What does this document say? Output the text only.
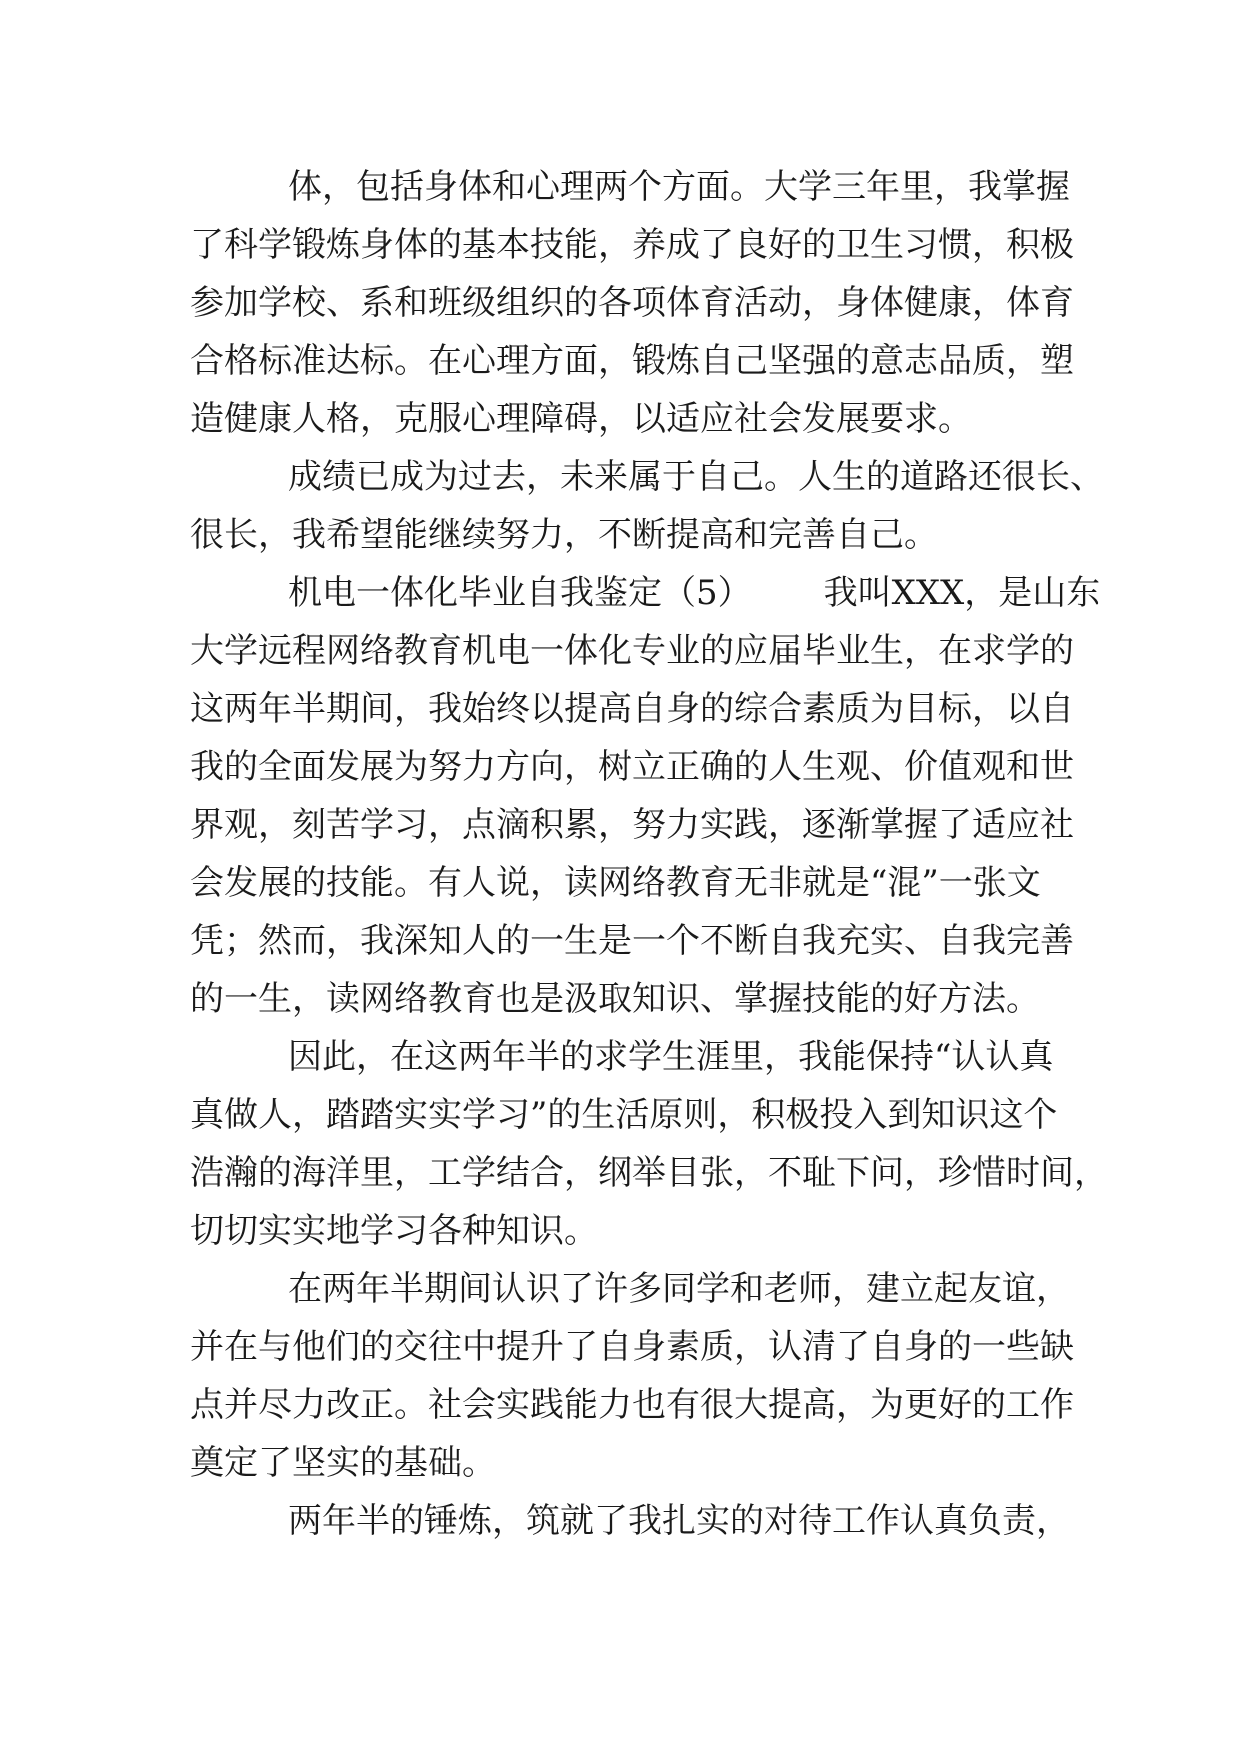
体，包括身体和心理两个方面。大学三年里，我掌握
了科学锻炼身体的基本技能，养成了良好的卫生习惯，积极
参加学校、系和班级组织的各项体育活动，身体健康，体育
合格标准达标。在心理方面，锻炼自己坚强的意志品质，塑
造健康人格，克服心理障碍，以适应社会发展要求。
成绩已成为过去，未来属于自己。人生的道路还很长、
很长，我希望能继续努力，不断提高和完善自己。
机电一体化毕业自我鉴定（5） 我叫XXX，是山东
大学远程网络教育机电一体化专业的应届毕业生，在求学的
这两年半期间，我始终以提高自身的综合素质为目标，以自
我的全面发展为努力方向，树立正确的人生观、价值观和世
界观，刻苦学习，点滴积累，努力实践，逐渐掌握了适应社
会发展的技能。有人说，读网络教育无非就是“混”一张文
凭；然而，我深知人的一生是一个不断自我充实、自我完善
的一生，读网络教育也是汲取知识、掌握技能的好方法。
因此，在这两年半的求学生涯里，我能保持“认认真
真做人，踏踏实实学习”的生活原则，积极投入到知识这个
浩瀚的海洋里，工学结合，纲举目张，不耻下问，珍惜时间，
切切实实地学习各种知识。
在两年半期间认识了许多同学和老师，建立起友谊，
并在与他们的交往中提升了自身素质，认清了自身的一些缺
点并尽力改正。社会实践能力也有很大提高，为更好的工作
奠定了坚实的基础。
两年半的锤炼，筑就了我扎实的对待工作认真负责，
